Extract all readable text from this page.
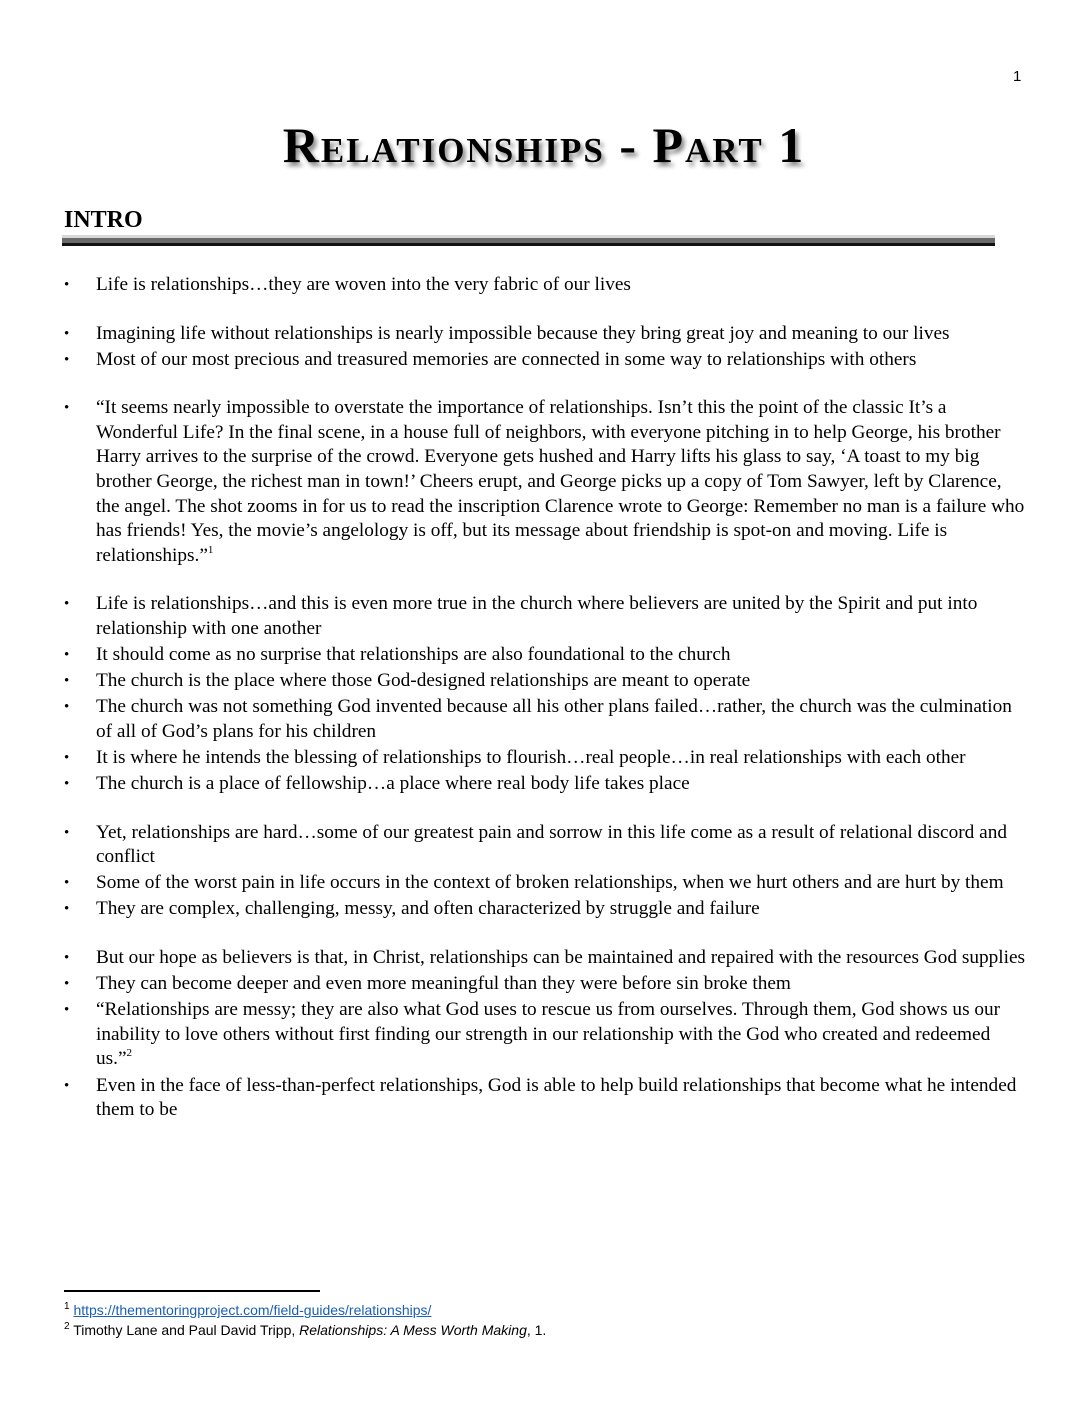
1
Relationships - Part 1
INTRO
• Life is relationships…they are woven into the very fabric of our lives
• Imagining life without relationships is nearly impossible because they bring great joy and meaning to our lives
• Most of our most precious and treasured memories are connected in some way to relationships with others
• “It seems nearly impossible to overstate the importance of relationships. Isn’t this the point of the classic It’s a Wonderful Life? In the final scene, in a house full of neighbors, with everyone pitching in to help George, his brother Harry arrives to the surprise of the crowd. Everyone gets hushed and Harry lifts his glass to say, ‘A toast to my big brother George, the richest man in town!’ Cheers erupt, and George picks up a copy of Tom Sawyer, left by Clarence, the angel. The shot zooms in for us to read the inscription Clarence wrote to George: Remember no man is a failure who has friends! Yes, the movie’s angelology is off, but its message about friendship is spot-on and moving. Life is relationships.”$^1$
• Life is relationships…and this is even more true in the church where believers are united by the Spirit and put into relationship with one another
• It should come as no surprise that relationships are also foundational to the church
• The church is the place where those God-designed relationships are meant to operate
• The church was not something God invented because all his other plans failed…rather, the church was the culmination of all of God’s plans for his children
• It is where he intends the blessing of relationships to flourish…real people…in real relationships with each other
• The church is a place of fellowship…a place where real body life takes place
• Yet, relationships are hard…some of our greatest pain and sorrow in this life come as a result of relational discord and conflict
• Some of the worst pain in life occurs in the context of broken relationships, when we hurt others and are hurt by them
• They are complex, challenging, messy, and often characterized by struggle and failure
• But our hope as believers is that, in Christ, relationships can be maintained and repaired with the resources God supplies
• They can become deeper and even more meaningful than they were before sin broke them
• “Relationships are messy; they are also what God uses to rescue us from ourselves. Through them, God shows us our inability to love others without first finding our strength in our relationship with the God who created and redeemed us.”$^2$
• Even in the face of less-than-perfect relationships, God is able to help build relationships that become what he intended them to be
$^1$ https://thementoringproject.com/field-guides/relationships/
$^2$ Timothy Lane and Paul David Tripp, Relationships: A Mess Worth Making, 1.
